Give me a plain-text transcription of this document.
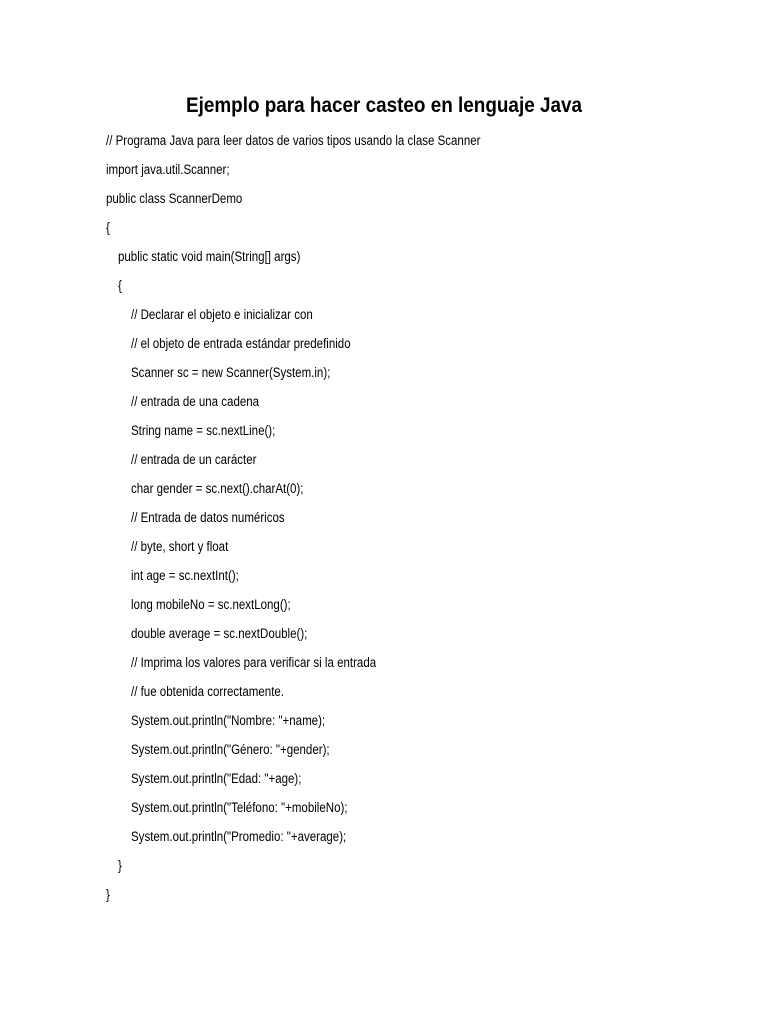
Ejemplo para hacer casteo en lenguaje Java
// Programa Java para leer datos de varios tipos usando la clase Scanner
import java.util.Scanner;
public class ScannerDemo
{
public static void main(String[] args)
{
// Declarar el objeto e inicializar con
// el objeto de entrada estándar predefinido
Scanner sc = new Scanner(System.in);
// entrada de una cadena
String name = sc.nextLine();
// entrada de un carácter
char gender = sc.next().charAt(0);
// Entrada de datos numéricos
// byte, short y float
int age = sc.nextInt();
long mobileNo = sc.nextLong();
double average = sc.nextDouble();
// Imprima los valores para verificar si la entrada
// fue obtenida correctamente.
System.out.println("Nombre: "+name);
System.out.println("Género: "+gender);
System.out.println("Edad: "+age);
System.out.println("Teléfono: "+mobileNo);
System.out.println("Promedio: "+average);
}
}
